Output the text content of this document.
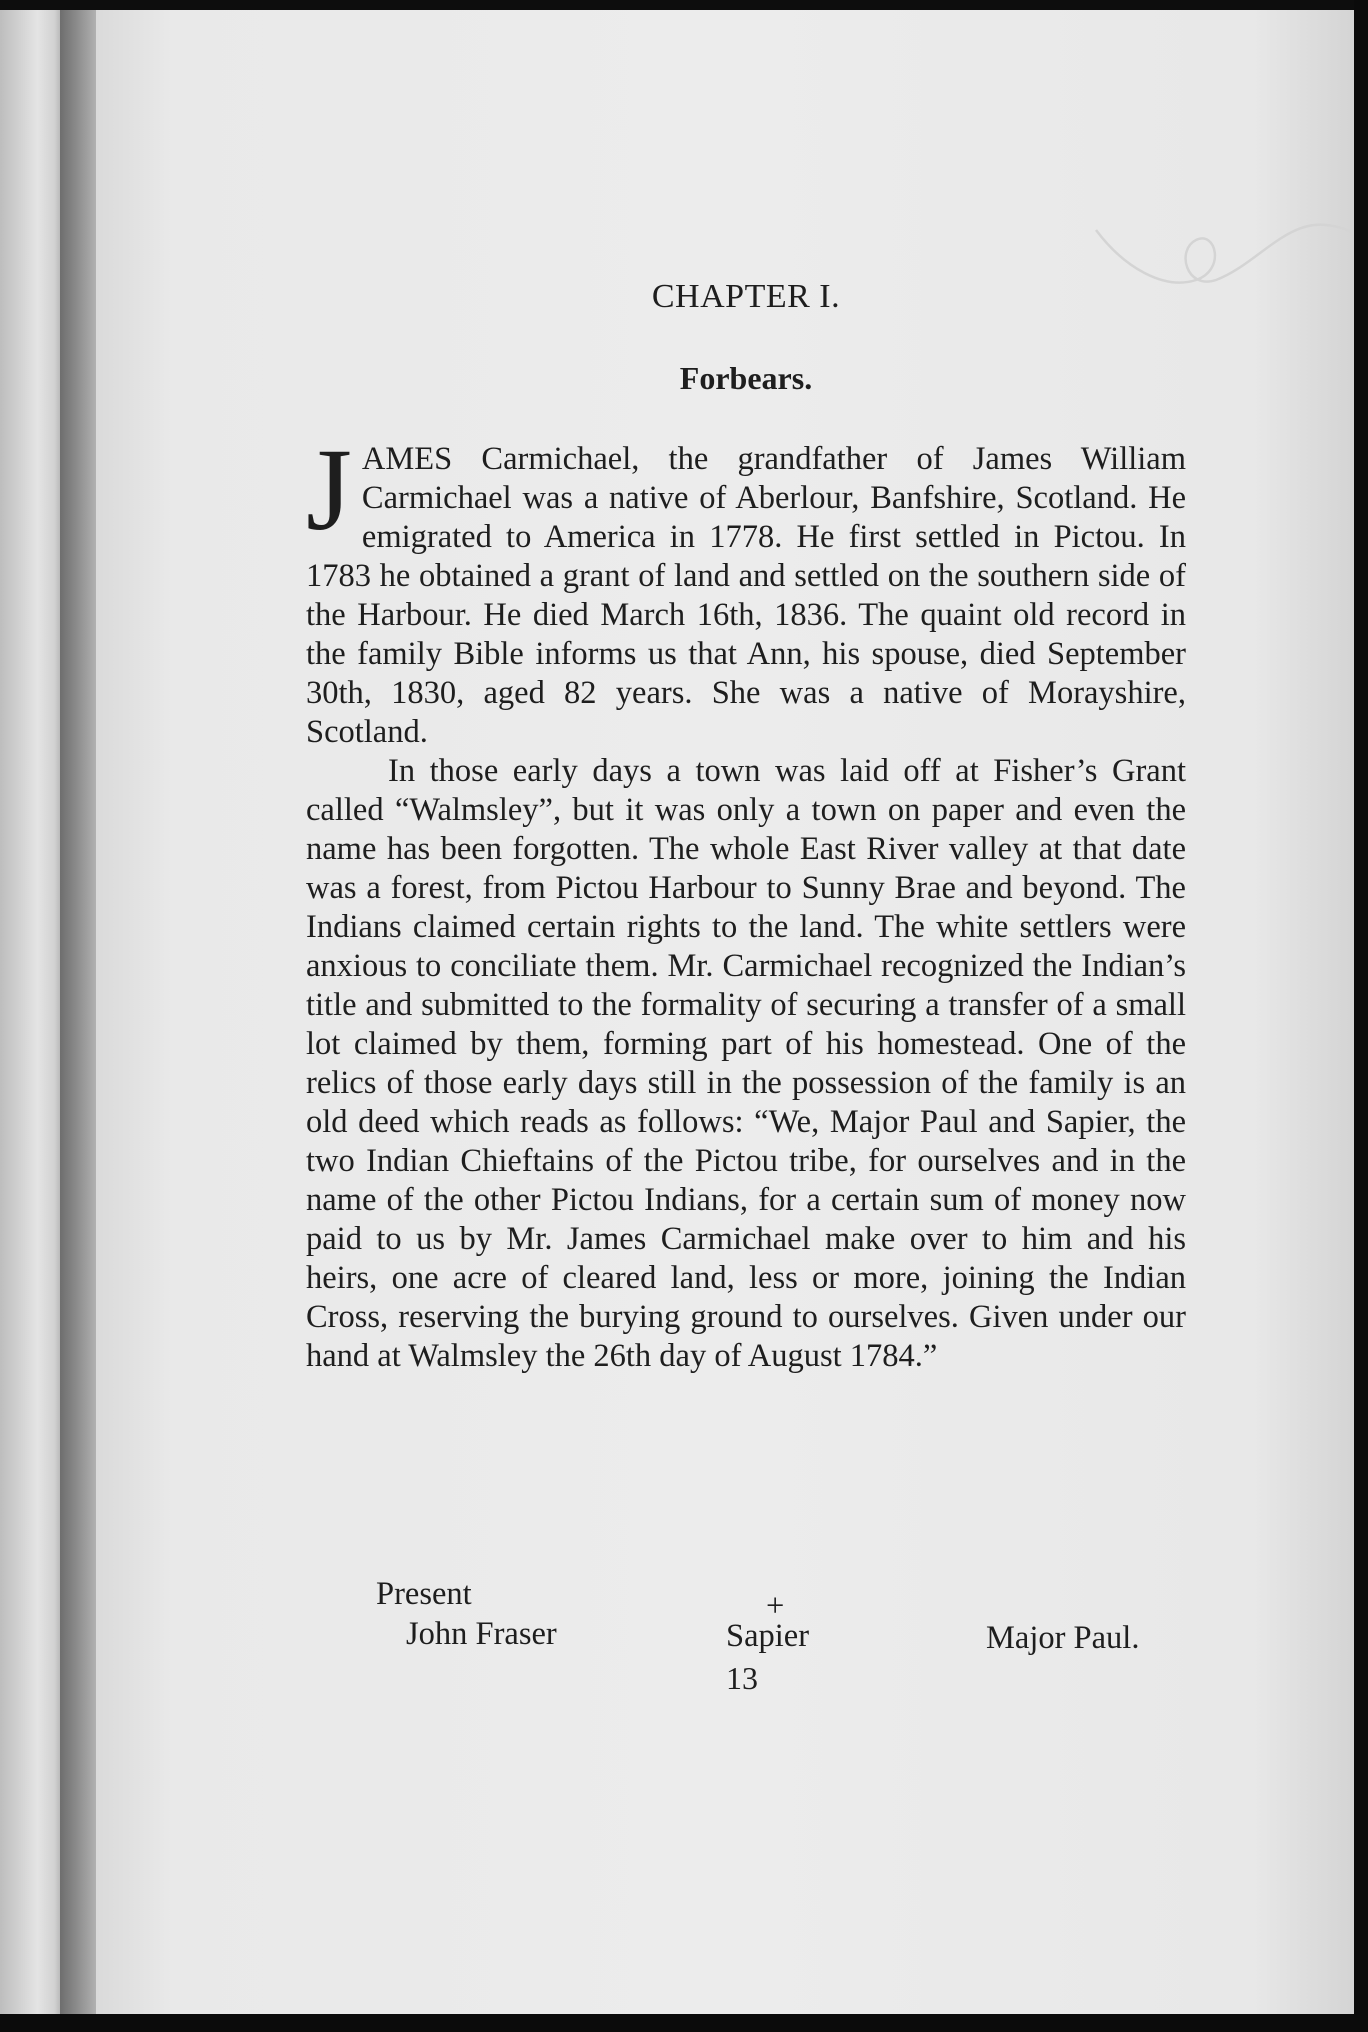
CHAPTER I.
Forbears.

JAMES Carmichael, the grandfather of James William Carmichael was a native of Aberlour, Banfshire, Scotland. He emigrated to America in 1778. He first settled in Pictou. In 1783 he obtained a grant of land and settled on the southern side of the Harbour. He died March 16th, 1836. The quaint old record in the family Bible informs us that Ann, his spouse, died September 30th, 1830, aged 82 years. She was a native of Morayshire, Scotland.

In those early days a town was laid off at Fisher’s Grant called “Walmsley”, but it was only a town on paper and even the name has been forgotten. The whole East River valley at that date was a forest, from Pictou Harbour to Sunny Brae and beyond. The Indians claimed certain rights to the land. The white settlers were anxious to conciliate them. Mr. Carmichael recognized the Indian’s title and submitted to the formality of securing a transfer of a small lot claimed by them, forming part of his homestead. One of the relics of those early days still in the possession of the family is an old deed which reads as follows: “We, Major Paul and Sapier, the two Indian Chieftains of the Pictou tribe, for ourselves and in the name of the other Pictou Indians, for a certain sum of money now paid to us by Mr. James Carmichael make over to him and his heirs, one acre of cleared land, less or more, joining the Indian Cross, reserving the burying ground to ourselves. Given under our hand at Walmsley the 26th day of August 1784.”

Present
John Fraser
+
Sapier	Major Paul.
13
